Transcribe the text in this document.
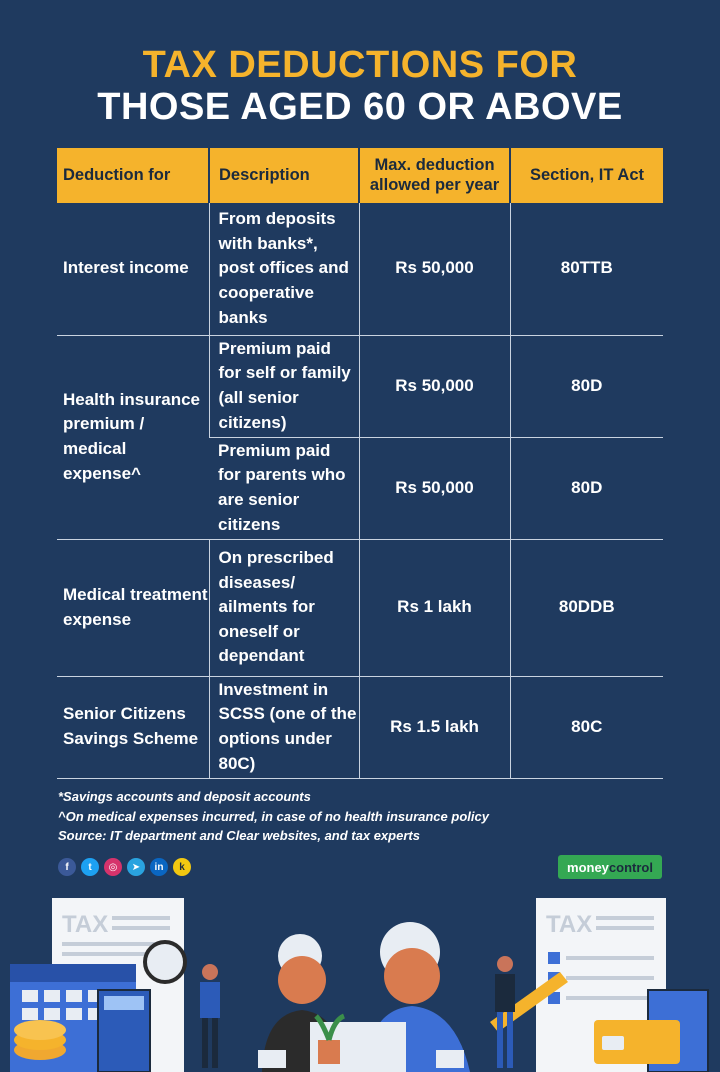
TAX DEDUCTIONS FOR
THOSE AGED 60 OR ABOVE
Deduction for	Description	Max. deduction allowed per year	Section, IT Act
Interest income	From deposits with banks*, post offices and cooperative banks	Rs 50,000	80TTB
Health insurance premium / medical expense^	Premium paid for self or family (all senior citizens)	Rs 50,000	80D
	Premium paid for parents who are senior citizens	Rs 50,000	80D
Medical treatment expense	On prescribed diseases/ ailments for oneself or dependant	Rs 1 lakh	80DDB
Senior Citizens Savings Scheme	Investment in SCSS (one of the options under 80C)	Rs 1.5 lakh	80C
*Savings accounts and deposit accounts
^On medical expenses incurred, in case of no health insurance policy
Source: IT department and Clear websites, and tax experts
f	t	◎	➤	in	k	money control
TAX	TAX
